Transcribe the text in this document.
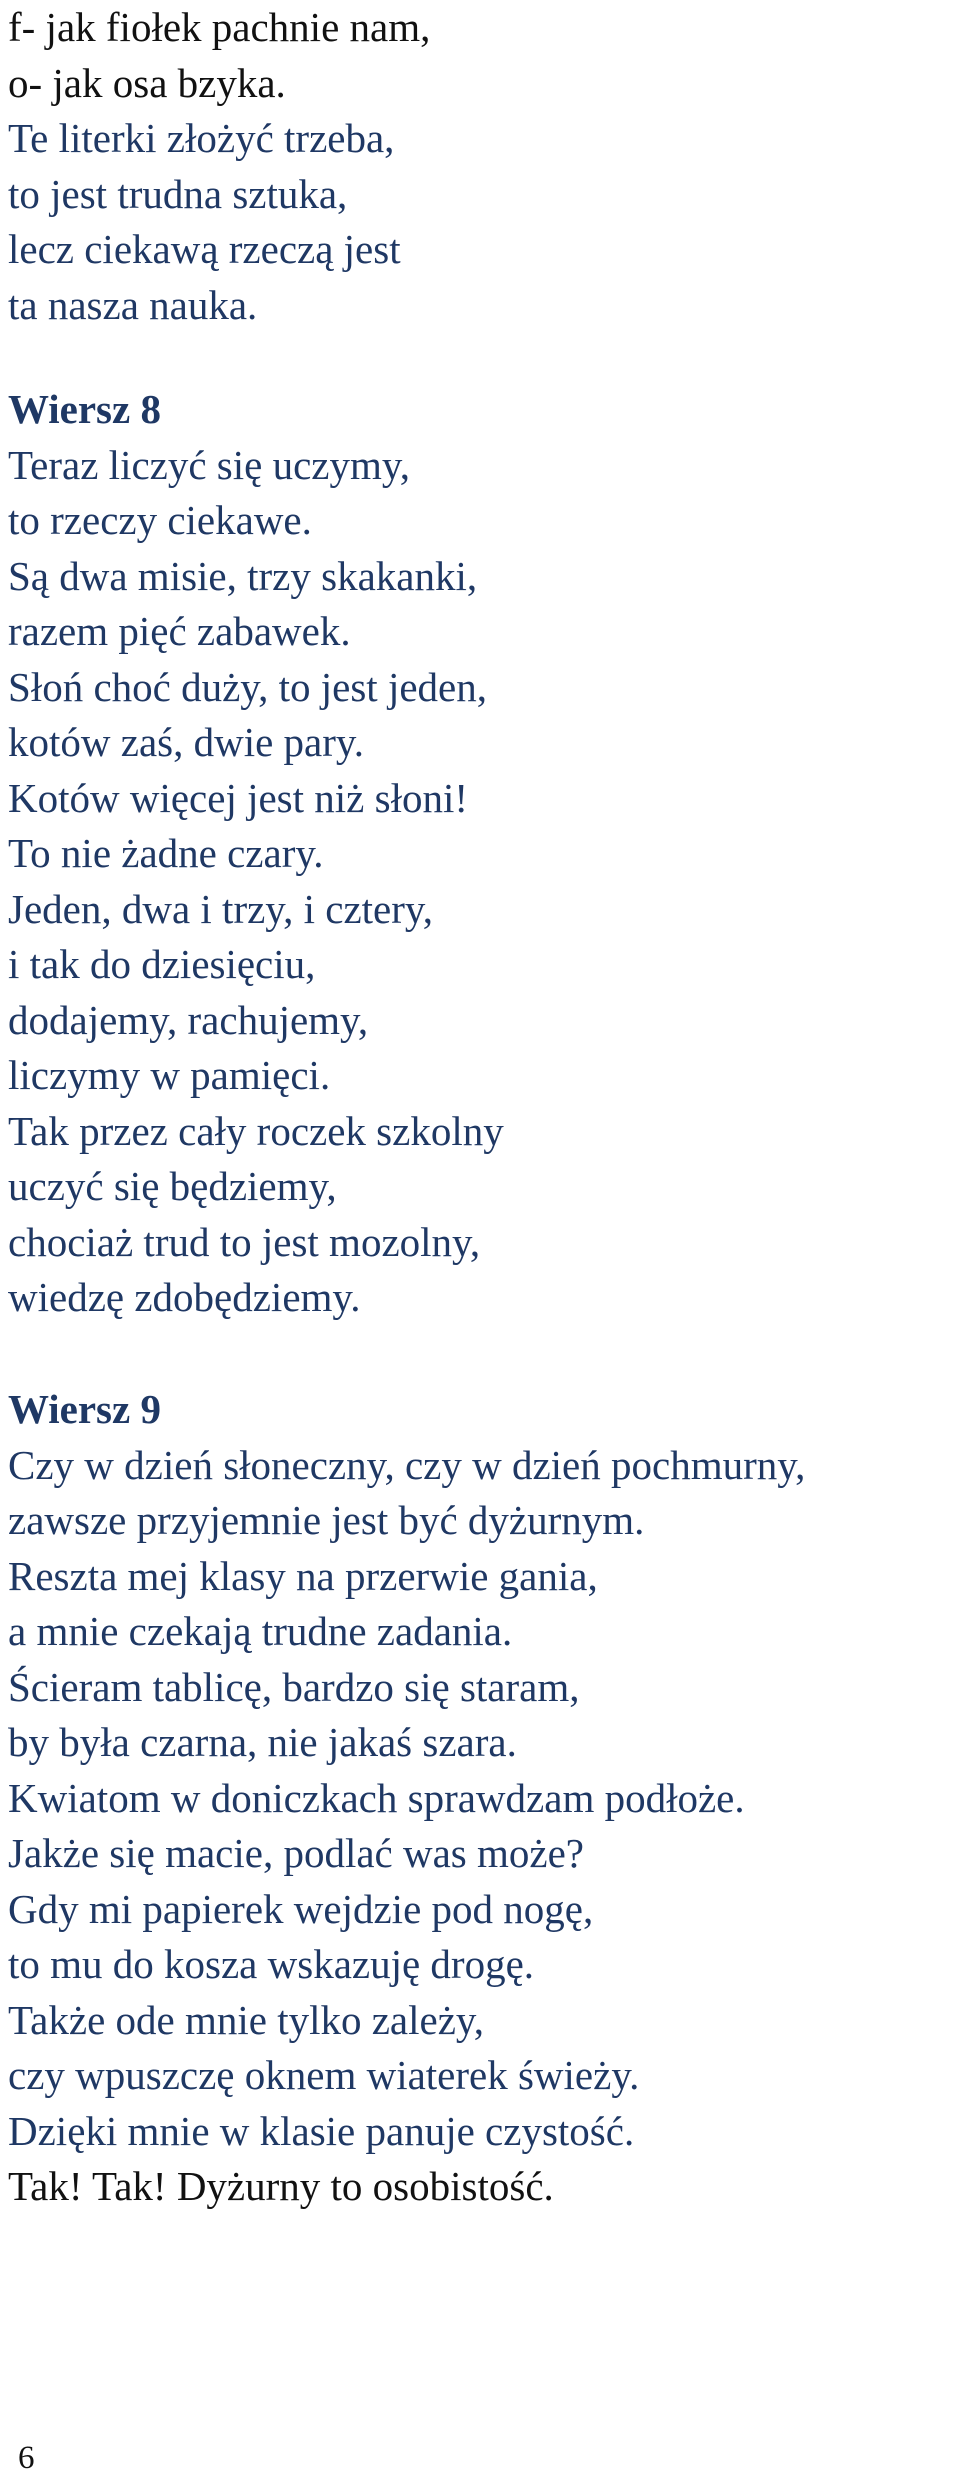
f- jak fiołek pachnie nam,
o- jak osa bzyka.
Te literki złożyć trzeba,
to jest trudna sztuka,
lecz ciekawą rzeczą jest
ta nasza nauka.
Wiersz 8
Teraz liczyć się uczymy,
to rzeczy ciekawe.
Są dwa misie, trzy skakanki,
razem pięć zabawek.
Słoń choć duży, to jest jeden,
kotów zaś, dwie pary.
Kotów więcej jest niż słoni!
To nie żadne czary.
Jeden, dwa i trzy, i cztery,
i tak do dziesięciu,
dodajemy, rachujemy,
liczymy w pamięci.
Tak przez cały roczek szkolny
uczyć się będziemy,
chociaż trud to jest mozolny,
wiedzę zdobędziemy.
Wiersz 9
Czy w dzień słoneczny, czy w dzień pochmurny,
zawsze przyjemnie jest być dyżurnym.
Reszta mej klasy na przerwie gania,
a mnie czekają trudne zadania.
Ścieram tablicę, bardzo się staram,
by była czarna, nie jakaś szara.
Kwiatom w doniczkach sprawdzam podłoże.
Jakże się macie, podlać was może?
Gdy mi papierek wejdzie pod nogę,
to mu do kosza wskazuję drogę.
Także ode mnie tylko zależy,
czy wpuszczę oknem wiaterek świeży.
Dzięki mnie w klasie panuje czystość.
Tak! Tak! Dyżurny to osobistość.
6
